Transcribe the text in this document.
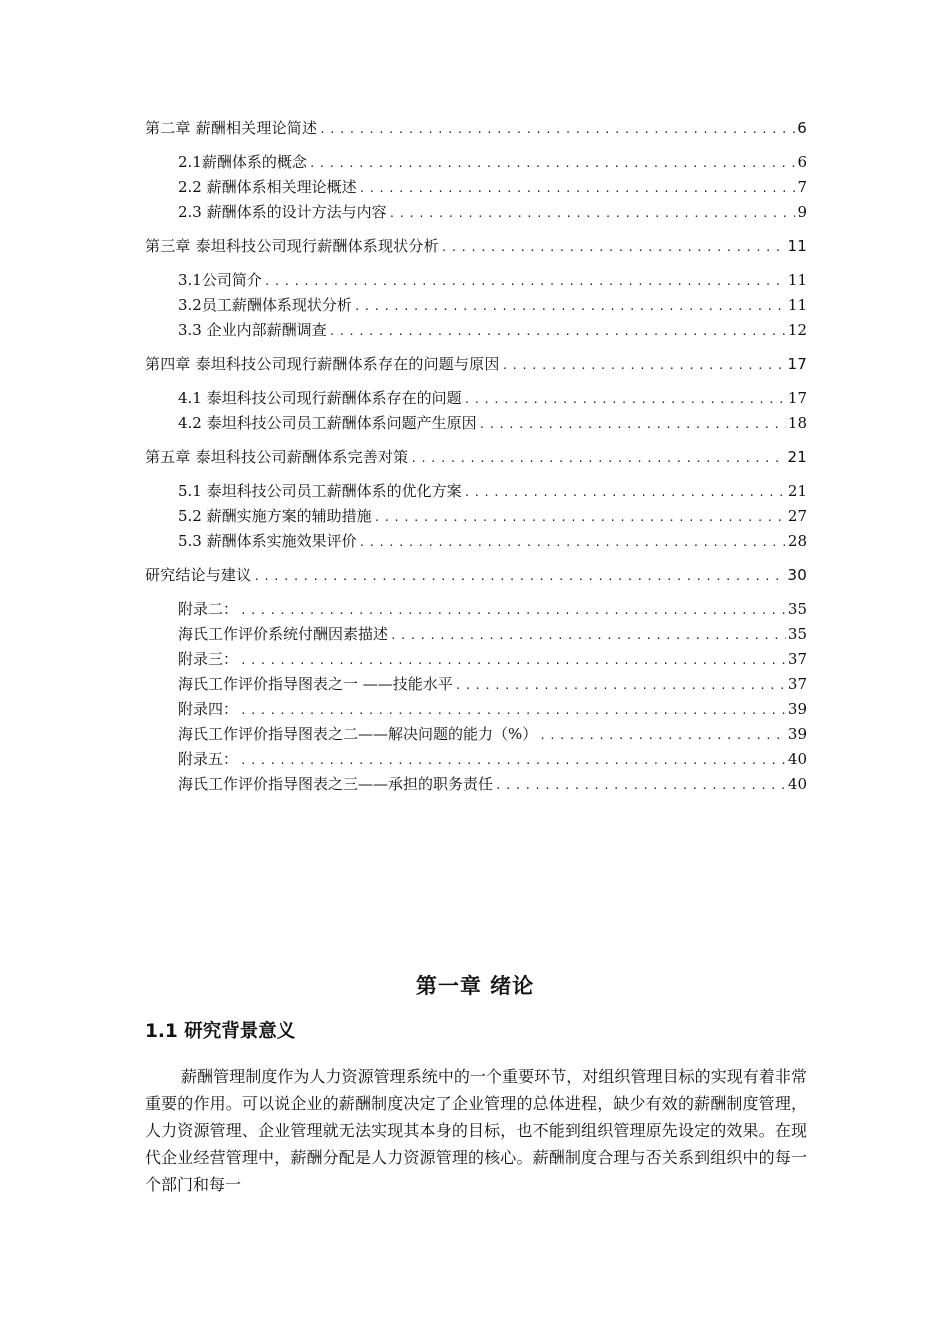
第二章 薪酬相关理论简述 .....	6
2.1薪酬体系的概念 .....	6
2.2 薪酬体系相关理论概述 .....	7
2.3 薪酬体系的设计方法与内容 .....	9
第三章 泰坦科技公司现行薪酬体系现状分析 .....	11
3.1公司简介 .....	11
3.2员工薪酬体系现状分析 .....	11
3.3 企业内部薪酬调查 .....	12
第四章 泰坦科技公司现行薪酬体系存在的问题与原因 .....	17
4.1 泰坦科技公司现行薪酬体系存在的问题 .....	17
4.2 泰坦科技公司员工薪酬体系问题产生原因 .....	18
第五章 泰坦科技公司薪酬体系完善对策 .....	21
5.1 泰坦科技公司员工薪酬体系的优化方案 .....	21
5.2 薪酬实施方案的辅助措施 .....	27
5.3 薪酬体系实施效果评价 .....	28
研究结论与建议 .....	30
附录二： .....	35
海氏工作评价系统付酬因素描述 .....	35
附录三： .....	37
海氏工作评价指导图表之一 ——技能水平 .....	37
附录四： .....	39
海氏工作评价指导图表之二——解决问题的能力（%） .....	39
附录五： .....	40
海氏工作评价指导图表之三——承担的职务责任 .....	40
第一章 绪论
1.1 研究背景意义
薪酬管理制度作为人力资源管理系统中的一个重要环节，对组织管理目标的实现有着非常重要的作用。可以说企业的薪酬制度决定了企业管理的总体进程，缺少有效的薪酬制度管理，人力资源管理、企业管理就无法实现其本身的目标，也不能到组织管理原先设定的效果。在现代企业经营管理中，薪酬分配是人力资源管理的核心。薪酬制度合理与否关系到组织中的每一个部门和每一
